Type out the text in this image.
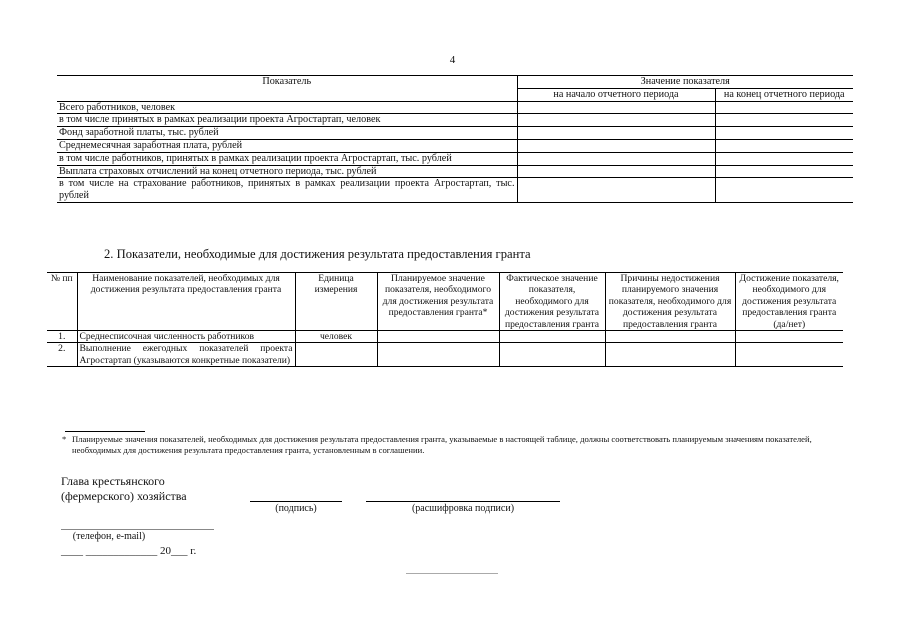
4
Показатель	Значение показателя	
	на начало отчетного периода	на конец отчетного периода
Всего работников, человек		
в том числе принятых в рамках реализации проекта Агростартап, человек		
Фонд заработной платы, тыс. рублей		
Среднемесячная заработная плата, рублей		
в том числе работников, принятых в рамках реализации проекта Агростартап, тыс. рублей		
Выплата страховых отчислений на конец отчетного периода, тыс. рублей		
в том числе на страхование работников, принятых в рамках реализации проекта Агростартап, тыс. рублей		
2. Показатели, необходимые для достижения результата предоставления гранта
№ пп	Наименование показателей, необходимых для достижения результата предоставления гранта	Единица измерения	Планируемое значение показателя, необходимого для достижения результата предоставления гранта*	Фактическое значение показателя, необходимого для достижения результата предоставления гранта	Причины недостижения планируемого значения показателя, необходимого для достижения результата предоставления гранта	Достижение показателя, необходимого для достижения результата предоставления гранта (да/нет)
1.	Среднесписочная численность работников	человек				
2.	Выполнение ежегодных показателей проекта Агростартап (указываются конкретные показатели)					
* Планируемые значения показателей, необходимых для достижения результата предоставления гранта, указываемые в настоящей таблице, должны соответствовать планируемым значениям показателей, необходимых для достижения результата предоставления гранта, установленным в соглашении.
Глава крестьянского
(фермерского) хозяйства
(подпись)	(расшифровка подписи)
(телефон, e-mail)
____ _____________ 20___ г.
